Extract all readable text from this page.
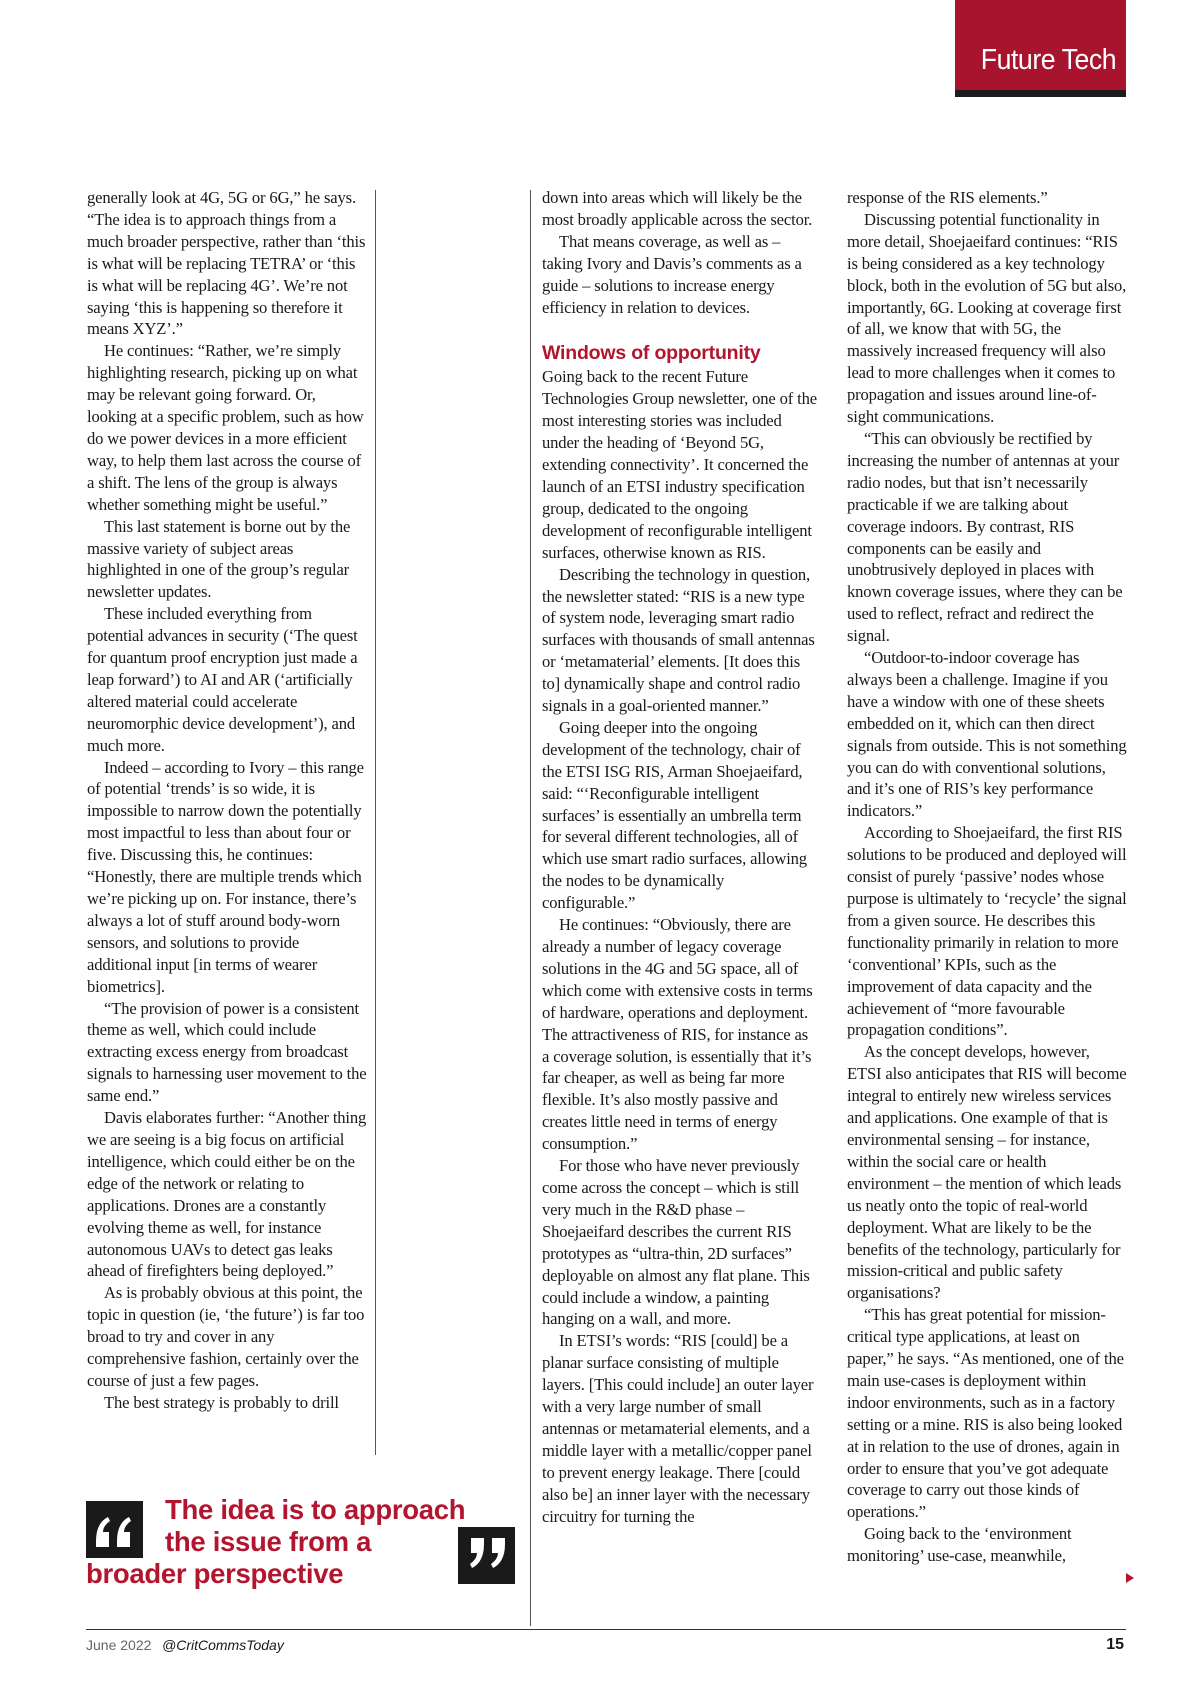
Future Tech

generally look at 4G, 5G or 6G,” he says. “The idea is to approach things from a much broader perspective, rather than ‘this is what will be replacing TETRA’ or ‘this is what will be replacing 4G’. We’re not saying ‘this is happening so therefore it means XYZ’.”

He continues: “Rather, we’re simply highlighting research, picking up on what may be relevant going forward. Or, looking at a specific problem, such as how do we power devices in a more efficient way, to help them last across the course of a shift. The lens of the group is always whether something might be useful.”

This last statement is borne out by the massive variety of subject areas highlighted in one of the group’s regular newsletter updates.

These included everything from potential advances in security (‘The quest for quantum proof encryption just made a leap forward’) to AI and AR (‘artificially altered material could accelerate neuromorphic device development’), and much more.

Indeed – according to Ivory – this range of potential ‘trends’ is so wide, it is impossible to narrow down the potentially most impactful to less than about four or five. Discussing this, he continues: “Honestly, there are multiple trends which we’re picking up on. For instance, there’s always a lot of stuff around body-worn sensors, and solutions to provide additional input [in terms of wearer biometrics].

“The provision of power is a consistent theme as well, which could include extracting excess energy from broadcast signals to harnessing user movement to the same end.”

Davis elaborates further: “Another thing we are seeing is a big focus on artificial intelligence, which could either be on the edge of the network or relating to applications. Drones are a constantly evolving theme as well, for instance autonomous UAVs to detect gas leaks ahead of firefighters being deployed.”

As is probably obvious at this point, the topic in question (ie, ‘the future’) is far too broad to try and cover in any comprehensive fashion, certainly over the course of just a few pages.

The best strategy is probably to drill

The idea is to approach
the issue from a
broader perspective

down into areas which will likely be the most broadly applicable across the sector.

That means coverage, as well as – taking Ivory and Davis’s comments as a guide – solutions to increase energy efficiency in relation to devices.

Windows of opportunity

Going back to the recent Future Technologies Group newsletter, one of the most interesting stories was included under the heading of ‘Beyond 5G, extending connectivity’. It concerned the launch of an ETSI industry specification group, dedicated to the ongoing development of reconfigurable intelligent surfaces, otherwise known as RIS.

Describing the technology in question, the newsletter stated: “RIS is a new type of system node, leveraging smart radio surfaces with thousands of small antennas or ‘metamaterial’ elements. [It does this to] dynamically shape and control radio signals in a goal-oriented manner.”

Going deeper into the ongoing development of the technology, chair of the ETSI ISG RIS, Arman Shoejaeifard, said: “‘Reconfigurable intelligent surfaces’ is essentially an umbrella term for several different technologies, all of which use smart radio surfaces, allowing the nodes to be dynamically configurable.”

He continues: “Obviously, there are already a number of legacy coverage solutions in the 4G and 5G space, all of which come with extensive costs in terms of hardware, operations and deployment. The attractiveness of RIS, for instance as a coverage solution, is essentially that it’s far cheaper, as well as being far more flexible. It’s also mostly passive and creates little need in terms of energy consumption.”

For those who have never previously come across the concept – which is still very much in the R&D phase – Shoejaeifard describes the current RIS prototypes as “ultra-thin, 2D surfaces” deployable on almost any flat plane. This could include a window, a painting hanging on a wall, and more.

In ETSI’s words: “RIS [could] be a planar surface consisting of multiple layers. [This could include] an outer layer with a very large number of small antennas or metamaterial elements, and a middle layer with a metallic/copper panel to prevent energy leakage. There [could also be] an inner layer with the necessary circuitry for turning the

response of the RIS elements.”

Discussing potential functionality in more detail, Shoejaeifard continues: “RIS is being considered as a key technology block, both in the evolution of 5G but also, importantly, 6G. Looking at coverage first of all, we know that with 5G, the massively increased frequency will also lead to more challenges when it comes to propagation and issues around line-of-sight communications.

“This can obviously be rectified by increasing the number of antennas at your radio nodes, but that isn’t necessarily practicable if we are talking about coverage indoors. By contrast, RIS components can be easily and unobtrusively deployed in places with known coverage issues, where they can be used to reflect, refract and redirect the signal.

“Outdoor-to-indoor coverage has always been a challenge. Imagine if you have a window with one of these sheets embedded on it, which can then direct signals from outside. This is not something you can do with conventional solutions, and it’s one of RIS’s key performance indicators.”

According to Shoejaeifard, the first RIS solutions to be produced and deployed will consist of purely ‘passive’ nodes whose purpose is ultimately to ‘recycle’ the signal from a given source. He describes this functionality primarily in relation to more ‘conventional’ KPIs, such as the improvement of data capacity and the achievement of “more favourable propagation conditions”.

As the concept develops, however, ETSI also anticipates that RIS will become integral to entirely new wireless services and applications. One example of that is environmental sensing – for instance, within the social care or health environment – the mention of which leads us neatly onto the topic of real-world deployment. What are likely to be the benefits of the technology, particularly for mission-critical and public safety organisations?

“This has great potential for mission-critical type applications, at least on paper,” he says. “As mentioned, one of the main use-cases is deployment within indoor environments, such as in a factory setting or a mine. RIS is also being looked at in relation to the use of drones, again in order to ensure that you’ve got adequate coverage to carry out those kinds of operations.”

Going back to the ‘environment monitoring’ use-case, meanwhile,

June 2022 @CritCommsToday	15
